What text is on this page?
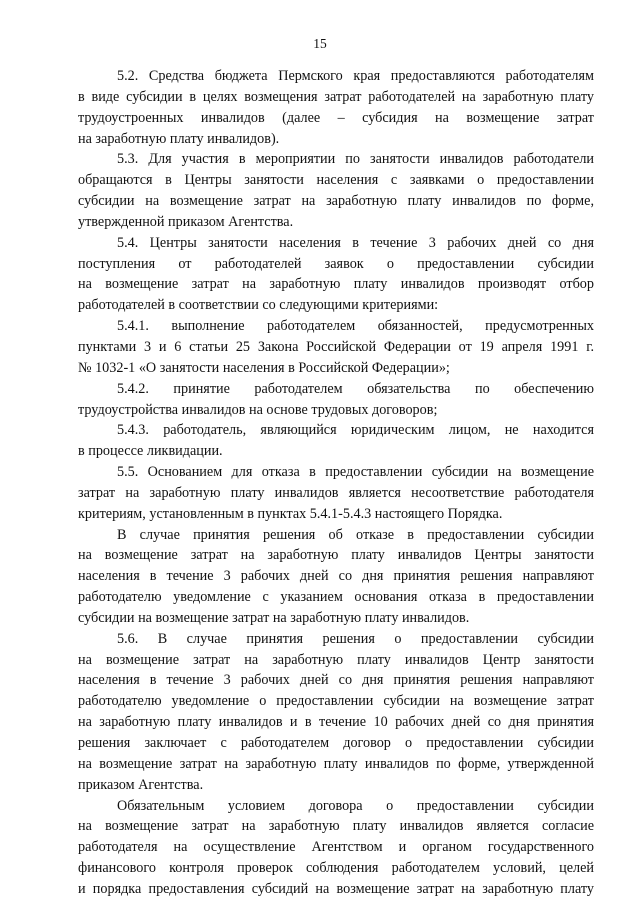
15
5.2. Средства бюджета Пермского края предоставляются работодателям
в виде субсидии в целях возмещения затрат работодателей на заработную плату
трудоустроенных инвалидов (далее – субсидия на возмещение затрат
на заработную плату инвалидов).
5.3. Для участия в мероприятии по занятости инвалидов работодатели
обращаются в Центры занятости населения с заявками о предоставлении
субсидии на возмещение затрат на заработную плату инвалидов по форме,
утвержденной приказом Агентства.
5.4. Центры занятости населения в течение 3 рабочих дней со дня
поступления от работодателей заявок о предоставлении субсидии
на возмещение затрат на заработную плату инвалидов производят отбор
работодателей в соответствии со следующими критериями:
5.4.1. выполнение работодателем обязанностей, предусмотренных
пунктами 3 и 6 статьи 25 Закона Российской Федерации от 19 апреля 1991 г.
№ 1032-1 «О занятости населения в Российской Федерации»;
5.4.2. принятие работодателем обязательства по обеспечению
трудоустройства инвалидов на основе трудовых договоров;
5.4.3. работодатель, являющийся юридическим лицом, не находится
в процессе ликвидации.
5.5. Основанием для отказа в предоставлении субсидии на возмещение
затрат на заработную плату инвалидов является несоответствие работодателя
критериям, установленным в пунктах 5.4.1-5.4.3 настоящего Порядка.
В случае принятия решения об отказе в предоставлении субсидии
на возмещение затрат на заработную плату инвалидов Центры занятости
населения в течение 3 рабочих дней со дня принятия решения направляют
работодателю уведомление с указанием основания отказа в предоставлении
субсидии на возмещение затрат на заработную плату инвалидов.
5.6. В случае принятия решения о предоставлении субсидии
на возмещение затрат на заработную плату инвалидов Центр занятости
населения в течение 3 рабочих дней со дня принятия решения направляют
работодателю уведомление о предоставлении субсидии на возмещение затрат
на заработную плату инвалидов и в течение 10 рабочих дней со дня принятия
решения заключает с работодателем договор о предоставлении субсидии
на возмещение затрат на заработную плату инвалидов по форме, утвержденной
приказом Агентства.
Обязательным условием договора о предоставлении субсидии
на возмещение затрат на заработную плату инвалидов является согласие
работодателя на осуществление Агентством и органом государственного
финансового контроля проверок соблюдения работодателем условий, целей
и порядка предоставления субсидий на возмещение затрат на заработную плату
